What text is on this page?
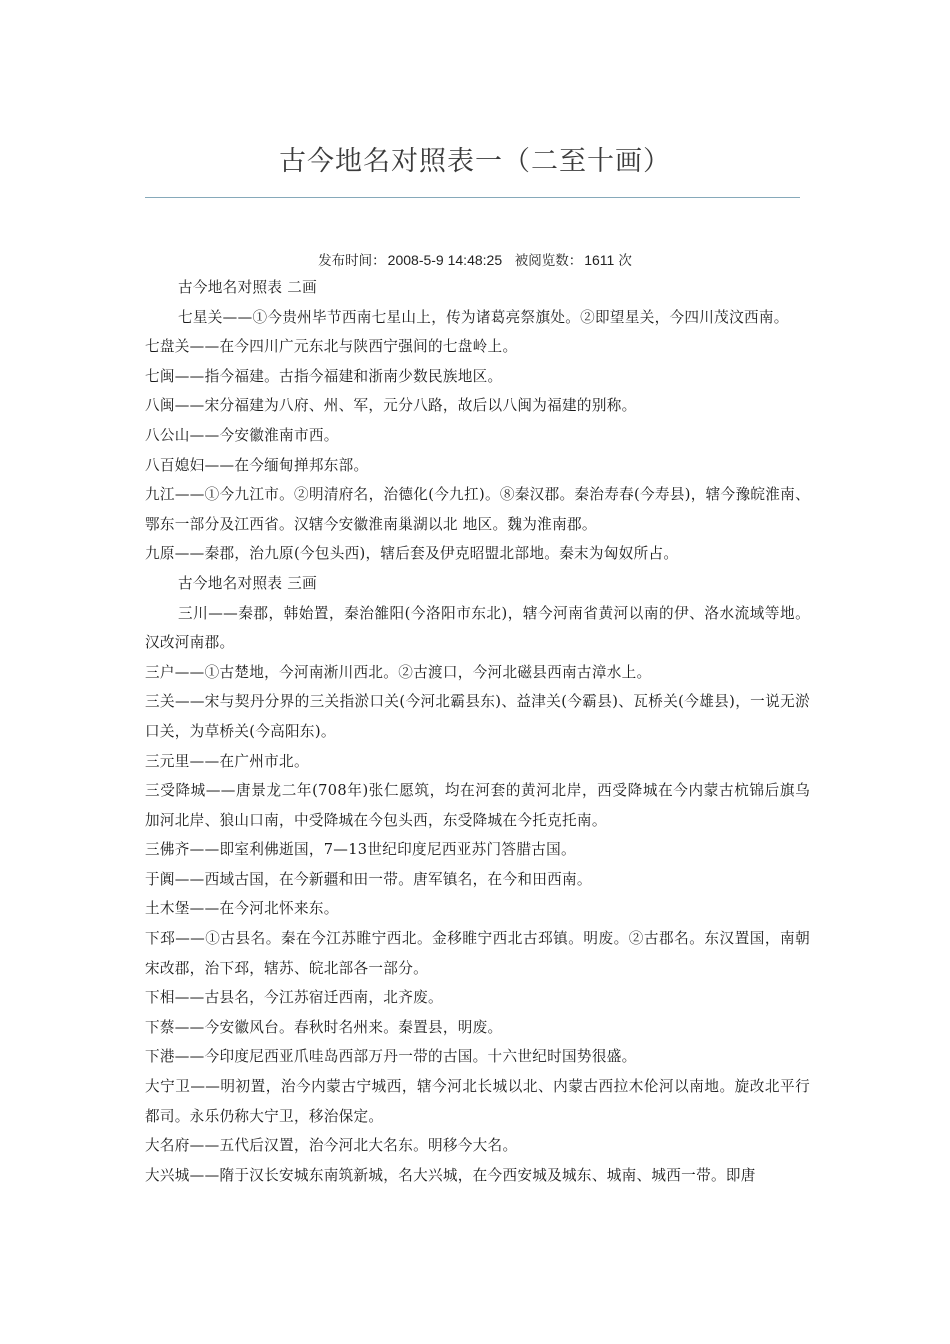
古今地名对照表一（二至十画）
发布时间： 2008-5-9 14:48:25 被阅览数： 1611 次

古今地名对照表 二画

七星关——①今贵州毕节西南七星山上，传为诸葛亮祭旗处。②即望星关，今四川茂汶西南。

七盘关——在今四川广元东北与陕西宁强间的七盘岭上。

七闽——指今福建。古指今福建和浙南少数民族地区。

八闽——宋分福建为八府、州、军，元分八路，故后以八闽为福建的别称。

八公山——今安徽淮南市西。

八百媳妇——在今缅甸掸邦东部。

九江——①今九江市。②明清府名，治德化(今九扛)。⑧秦汉郡。秦治寿春(今寿县)，辖今豫皖淮南、鄂东一部分及江西省。汉辖今安徽淮南巢湖以北 地区。魏为淮南郡。

九原——秦郡，治九原(今包头西)，辖后套及伊克昭盟北部地。秦末为匈奴所占。

古今地名对照表 三画

三川——秦郡，韩始置，秦治雒阳(今洛阳市东北)，辖今河南省黄河以南的伊、洛水流域等地。汉改河南郡。

三户——①古楚地，今河南淅川西北。②古渡口，今河北磁县西南古漳水上。

三关——宋与契丹分界的三关指淤口关(今河北霸县东)、益津关(今霸县)、瓦桥关(今雄县)，一说无淤口关，为草桥关(今高阳东)。

三元里——在广州市北。

三受降城——唐景龙二年(708年)张仁愿筑，均在河套的黄河北岸，西受降城在今内蒙古杭锦后旗乌加河北岸、狼山口南，中受降城在今包头西，东受降城在今托克托南。

三佛齐——即室利佛逝国，7—13世纪印度尼西亚苏门答腊古国。

于阗——西域古国，在今新疆和田一带。唐军镇名，在今和田西南。

土木堡——在今河北怀来东。

下邳——①古县名。秦在今江苏睢宁西北。金移睢宁西北古邳镇。明废。②古郡名。东汉置国，南朝宋改郡，治下邳，辖苏、皖北部各一部分。

下相——古县名，今江苏宿迁西南，北齐废。

下蔡——今安徽风台。春秋时名州来。秦置县，明废。

下港——今印度尼西亚爪哇岛西部万丹一带的古国。十六世纪时国势很盛。

大宁卫——明初置，治今内蒙古宁城西，辖今河北长城以北、内蒙古西拉木伦河以南地。旋改北平行都司。永乐仍称大宁卫，移治保定。

大名府——五代后汉置，治今河北大名东。明移今大名。

大兴城——隋于汉长安城东南筑新城，名大兴城，在今西安城及城东、城南、城西一带。即唐
